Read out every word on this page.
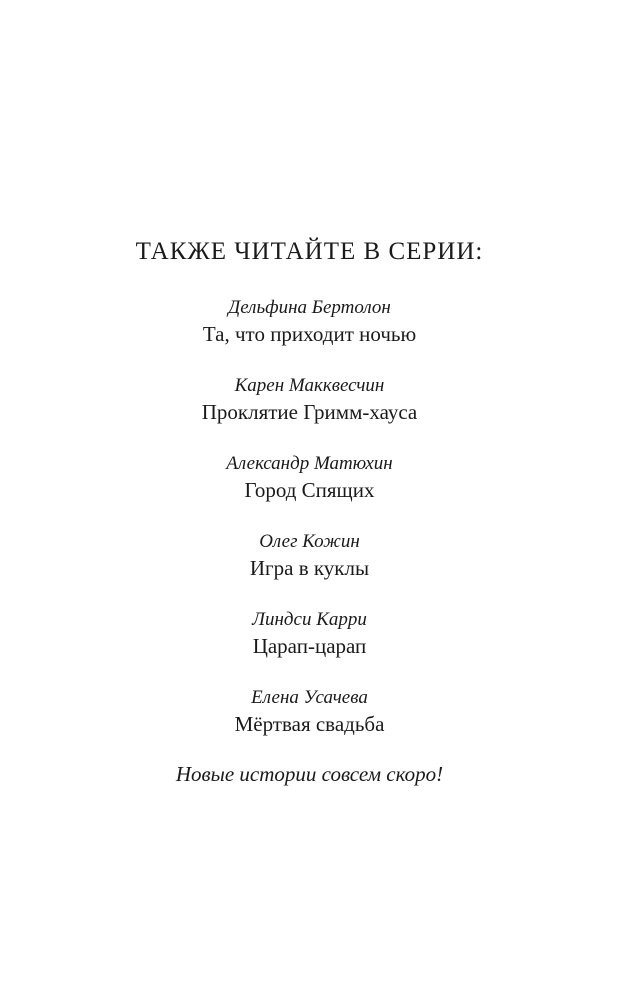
ТАКЖЕ ЧИТАЙТЕ В СЕРИИ:
Дельфина Бертолон
Та, что приходит ночью
Карен Макквесчин
Проклятие Гримм-хауса
Александр Матюхин
Город Спящих
Олег Кожин
Игра в куклы
Линдси Карри
Царап-царап
Елена Усачева
Мёртвая свадьба

Новые истории совсем скоро!
